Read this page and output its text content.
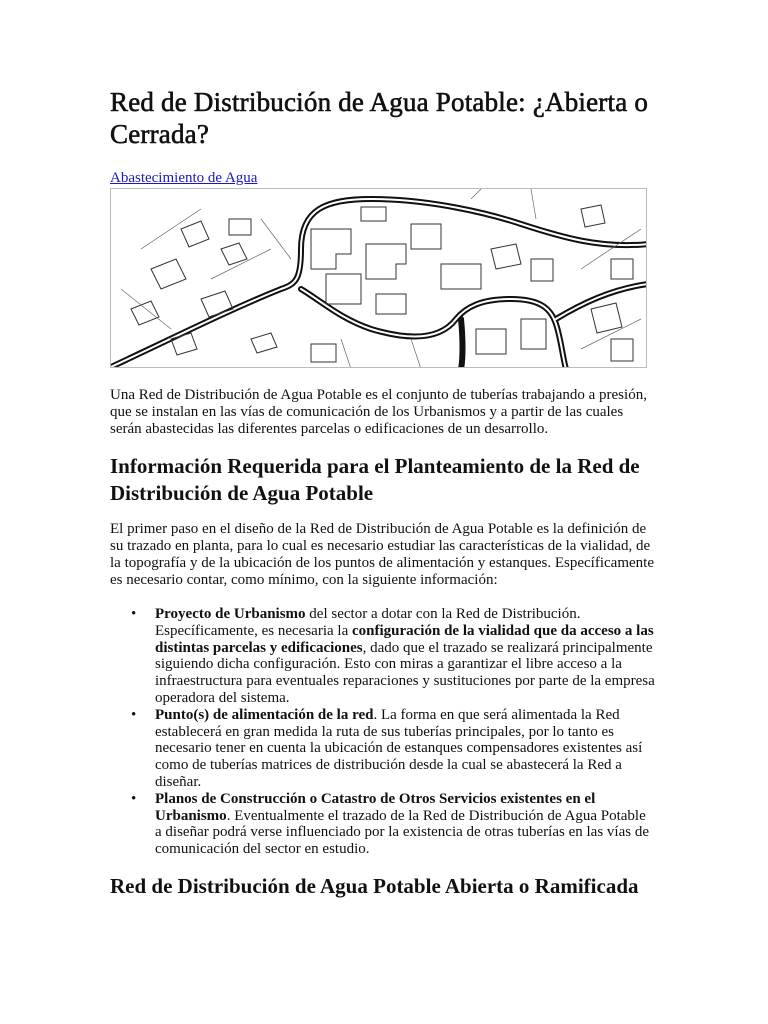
Red de Distribución de Agua Potable: ¿Abierta o Cerrada?
Abastecimiento de Agua

Una Red de Distribución de Agua Potable es el conjunto de tuberías trabajando a presión, que se instalan en las vías de comunicación de los Urbanismos y a partir de las cuales serán abastecidas las diferentes parcelas o edificaciones de un desarrollo.

Información Requerida para el Planteamiento de la Red de Distribución de Agua Potable

El primer paso en el diseño de la Red de Distribución de Agua Potable es la definición de su trazado en planta, para lo cual es necesario estudiar las características de la vialidad, de la topografía y de la ubicación de los puntos de alimentación y estanques. Específicamente es necesario contar, como mínimo, con la siguiente información:

• Proyecto de Urbanismo del sector a dotar con la Red de Distribución. Específicamente, es necesaria la configuración de la vialidad que da acceso a las distintas parcelas y edificaciones, dado que el trazado se realizará principalmente siguiendo dicha configuración. Esto con miras a garantizar el libre acceso a la infraestructura para eventuales reparaciones y sustituciones por parte de la empresa operadora del sistema.
• Punto(s) de alimentación de la red. La forma en que será alimentada la Red establecerá en gran medida la ruta de sus tuberías principales, por lo tanto es necesario tener en cuenta la ubicación de estanques compensadores existentes así como de tuberías matrices de distribución desde la cual se abastecerá la Red a diseñar.
• Planos de Construcción o Catastro de Otros Servicios existentes en el Urbanismo. Eventualmente el trazado de la Red de Distribución de Agua Potable a diseñar podrá verse influenciado por la existencia de otras tuberías en las vías de comunicación del sector en estudio.
Red de Distribución de Agua Potable Abierta o Ramificada
